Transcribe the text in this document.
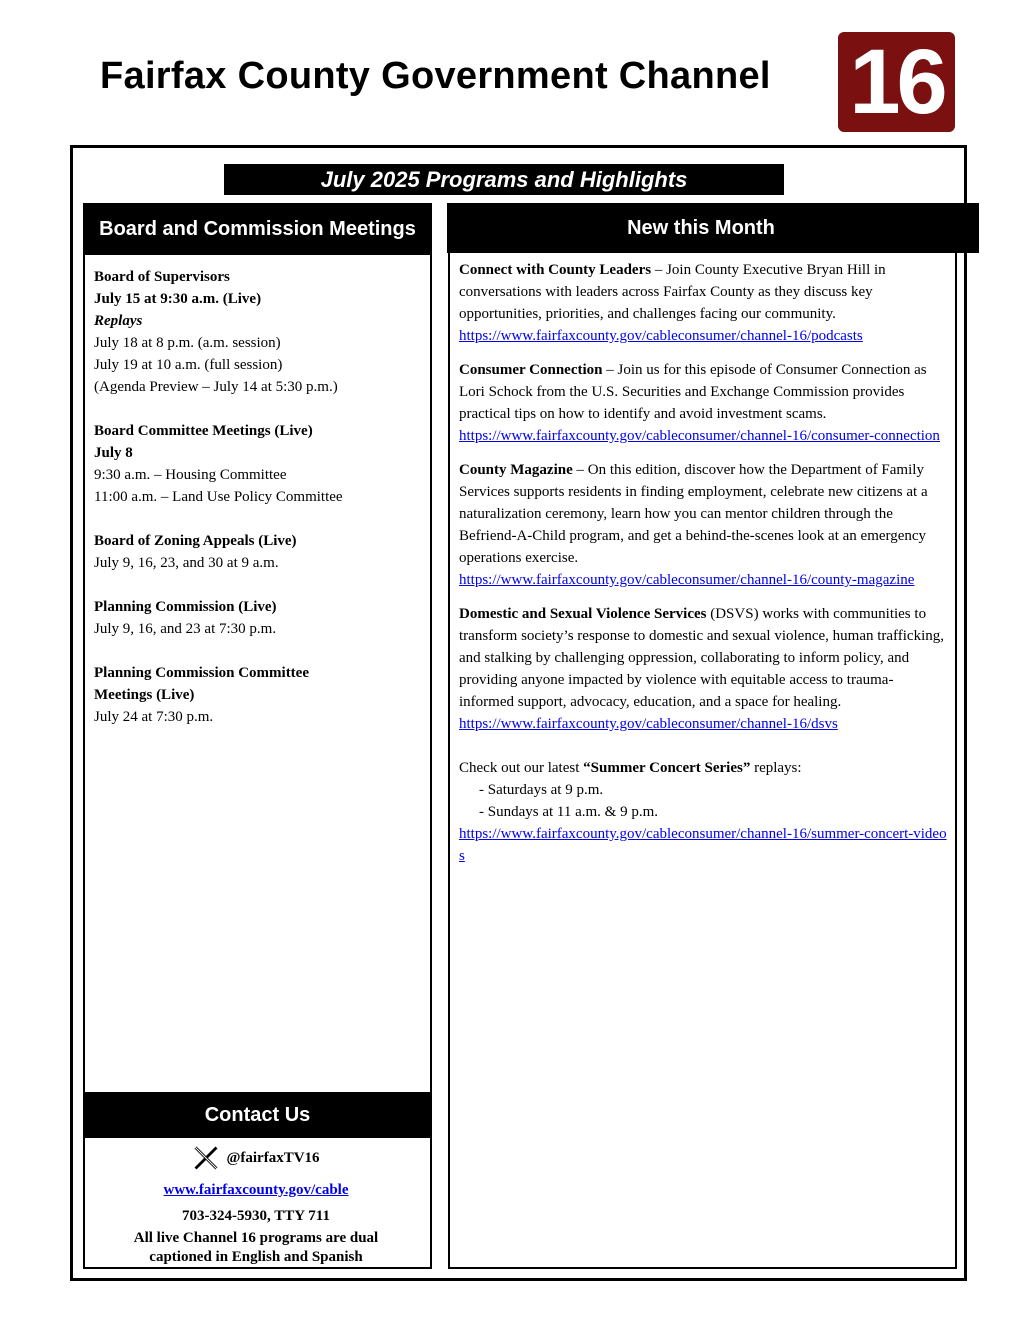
Fairfax County Government Channel 16
July 2025 Programs and Highlights
Board and Commission Meetings

Board of Supervisors
July 15 at 9:30 a.m. (Live)
Replays
July 18 at 8 p.m. (a.m. session)
July 19 at 10 a.m. (full session)
(Agenda Preview – July 14 at 5:30 p.m.)

Board Committee Meetings (Live)
July 8
9:30 a.m. – Housing Committee
11:00 a.m. – Land Use Policy Committee

Board of Zoning Appeals (Live)
July 9, 16, 23, and 30 at 9 a.m.

Planning Commission (Live)
July 9, 16, and 23 at 7:30 p.m.

Planning Commission Committee Meetings (Live)
July 24 at 7:30 p.m.

Contact Us
@fairfaxTV16
www.fairfaxcounty.gov/cable
703-324-5930, TTY 711
All live Channel 16 programs are dual captioned in English and Spanish
New this Month

Connect with County Leaders – Join County Executive Bryan Hill in conversations with leaders across Fairfax County as they discuss key opportunities, priorities, and challenges facing our community.
https://www.fairfaxcounty.gov/cableconsumer/channel-16/podcasts

Consumer Connection – Join us for this episode of Consumer Connection as Lori Schock from the U.S. Securities and Exchange Commission provides practical tips on how to identify and avoid investment scams.
https://www.fairfaxcounty.gov/cableconsumer/channel-16/consumer-connection

County Magazine – On this edition, discover how the Department of Family Services supports residents in finding employment, celebrate new citizens at a naturalization ceremony, learn how you can mentor children through the Befriend-A-Child program, and get a behind-the-scenes look at an emergency operations exercise.
https://www.fairfaxcounty.gov/cableconsumer/channel-16/county-magazine

Domestic and Sexual Violence Services (DSVS) works with communities to transform society’s response to domestic and sexual violence, human trafficking, and stalking by challenging oppression, collaborating to inform policy, and providing anyone impacted by violence with equitable access to trauma-informed support, advocacy, education, and a space for healing.
https://www.fairfaxcounty.gov/cableconsumer/channel-16/dsvs

Check out our latest “Summer Concert Series” replays:
- Saturdays at 9 p.m.
- Sundays at 11 a.m. & 9 p.m.
https://www.fairfaxcounty.gov/cableconsumer/channel-16/summer-concert-videos
